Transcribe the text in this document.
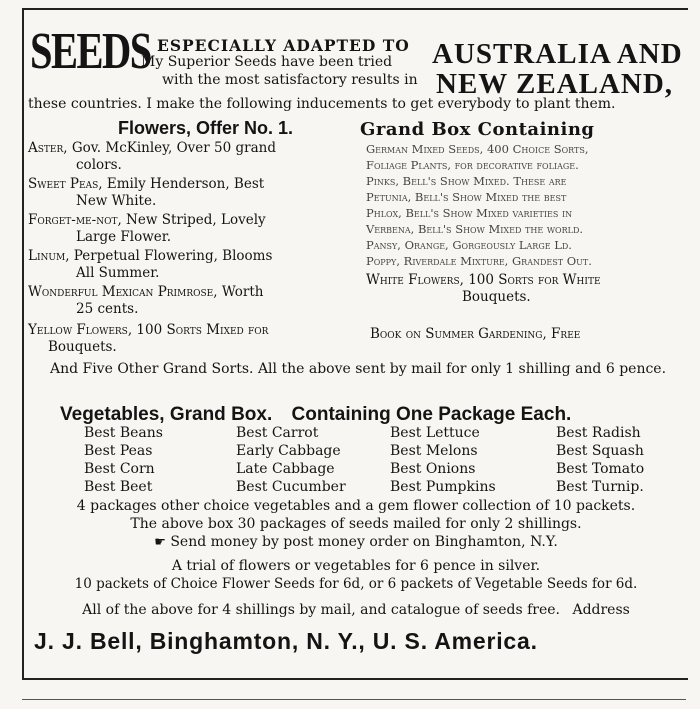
SEEDS ESPECIALLY ADAPTED TO
My Superior Seeds have been tried
with the most satisfactory results in
AUSTRALIA AND
NEW ZEALAND,
these countries. I make the following inducements to get everybody to plant them.
Flowers, Offer No. 1.	Grand Box Containing
Aster, Gov. McKinley, Over 50 grand
colors.
Sweet Peas, Emily Henderson, Best
New White.
Forget-me-not, New Striped, Lovely
Large Flower.
Linum, Perpetual Flowering, Blooms
All Summer.
Wonderful Mexican Primrose, Worth
25 cents.
Yellow Flowers, 100 Sorts Mixed for
Bouquets.
German Mixed Seeds, 400 Choice Sorts,
Foliage Plants, for decorative foliage.
Pinks, Bell's Show Mixed. These are
Petunia, Bell's Show Mixed the best
Phlox, Bell's Show Mixed varieties in
Verbena, Bell's Show Mixed the world.
Pansy, Orange, Gorgeously Large Ld.
Poppy, Riverdale Mixture, Grandest Out.
White Flowers, 100 Sorts for White
Bouquets.
Book on Summer Gardening, Free
And Five Other Grand Sorts. All the above sent by mail for only 1 shilling and 6 pence.
Vegetables, Grand Box. Containing One Package Each.
Best Beans
Best Peas
Best Corn
Best Beet
Best Carrot
Early Cabbage
Late Cabbage
Best Cucumber
Best Lettuce
Best Melons
Best Onions
Best Pumpkins
Best Radish
Best Squash
Best Tomato
Best Turnip.
4 packages other choice vegetables and a gem flower collection of 10 packets.
The above box 30 packages of seeds mailed for only 2 shillings.
☛ Send money by post money order on Binghamton, N.Y.
A trial of flowers or vegetables for 6 pence in silver.
10 packets of Choice Flower Seeds for 6d, or 6 packets of Vegetable Seeds for 6d.
All of the above for 4 shillings by mail, and catalogue of seeds free. Address
J. J. Bell, Binghamton, N. Y., U. S. America.
